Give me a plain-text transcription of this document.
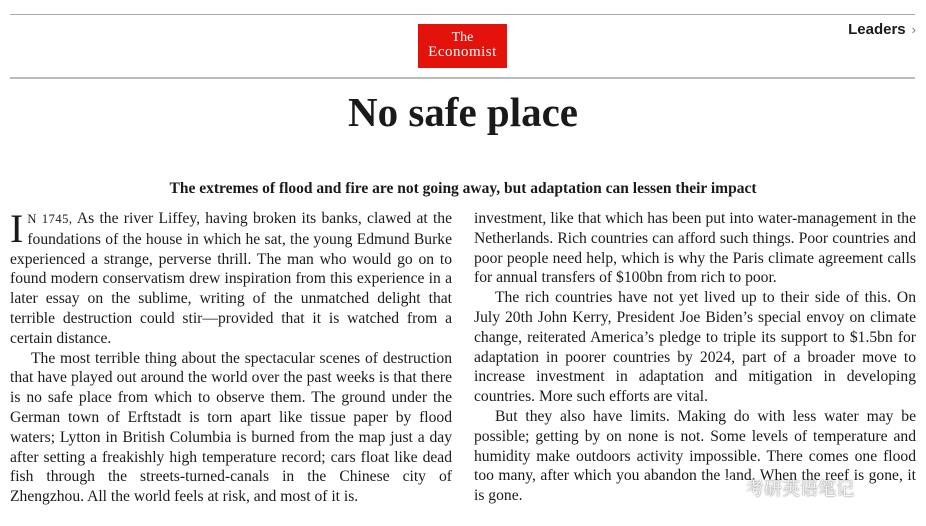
The
Economist
Leaders ›
No safe place

The extremes of flood and fire are not going away, but adaptation can lessen their impact

I N 1745, As the river Liffey, having broken its banks, clawed at the foundations of the house in which he sat, the young Edmund Burke experienced a strange, perverse thrill. The man who would go on to found modern conservatism drew inspiration from this experience in a later essay on the sublime, writing of the unmatched delight that terrible destruction could stir—provided that it is watched from a certain distance.

The most terrible thing about the spectacular scenes of destruction that have played out around the world over the past weeks is that there is no safe place from which to observe them. The ground under the German town of Erftstadt is torn apart like tissue paper by flood waters; Lytton in British Columbia is burned from the map just a day after setting a freakishly high temperature record; cars float like dead fish through the streets-turned-canals in the Chinese city of Zhengzhou. All the world feels at risk, and most of it is.

investment, like that which has been put into water-management in the Netherlands. Rich countries can afford such things. Poor countries and poor people need help, which is why the Paris climate agreement calls for annual transfers of $100bn from rich to poor.

The rich countries have not yet lived up to their side of this. On July 20th John Kerry, President Joe Biden’s special envoy on climate change, reiterated America’s pledge to triple its support to $1.5bn for adaptation in poorer countries by 2024, part of a broader move to increase investment in adaptation and mitigation in developing countries. More such efforts are vital.

But they also have limits. Making do with less water may be possible; getting by on none is not. Some levels of temperature and humidity make outdoors activity impossible. There comes one flood too many, after which you abandon the land. When the reef is gone, it is gone.	考研英语笔记
